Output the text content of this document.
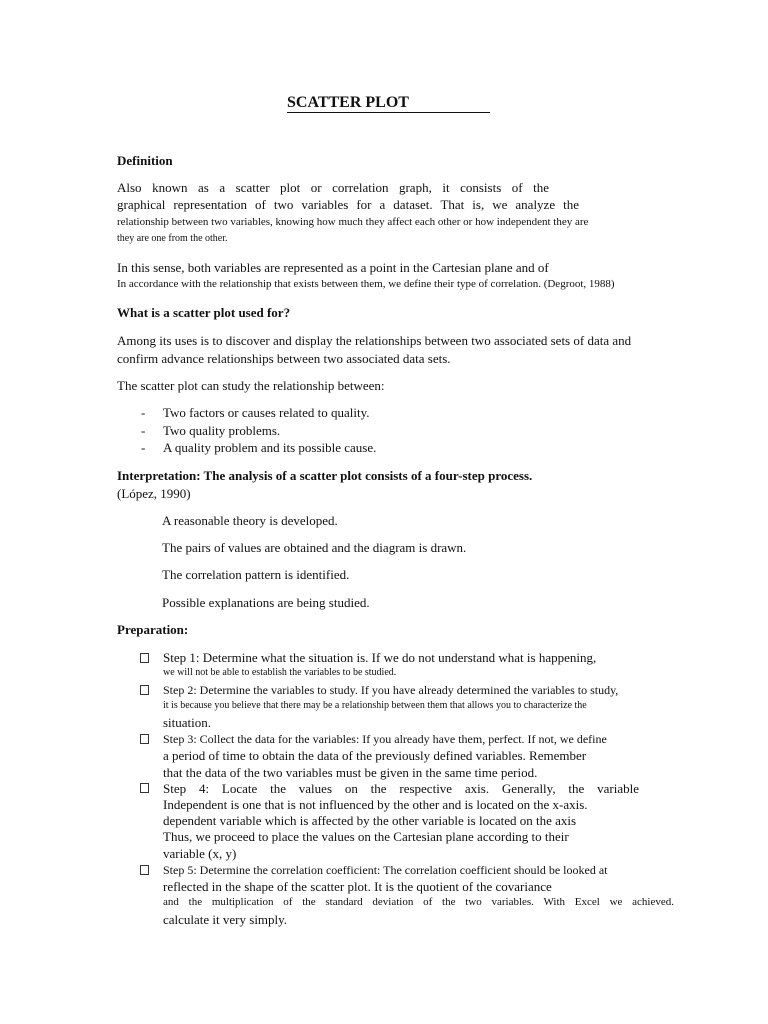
SCATTER PLOT
Definition
Also known as a scatter plot or correlation graph, it consists of the
graphical representation of two variables for a dataset. That is, we analyze the
relationship between two variables, knowing how much they affect each other or how independent they are
they are one from the other.
In this sense, both variables are represented as a point in the Cartesian plane and of
In accordance with the relationship that exists between them, we define their type of correlation. (Degroot, 1988)
What is a scatter plot used for?
Among its uses is to discover and display the relationships between two associated sets of data and
confirm advance relationships between two associated data sets.
The scatter plot can study the relationship between:
- Two factors or causes related to quality.
- Two quality problems.
- A quality problem and its possible cause.
Interpretation: The analysis of a scatter plot consists of a four-step process.
(López, 1990)
A reasonable theory is developed.
The pairs of values are obtained and the diagram is drawn.
The correlation pattern is identified.
Possible explanations are being studied.
Preparation:
Step 1: Determine what the situation is. If we do not understand what is happening,
we will not be able to establish the variables to be studied.
Step 2: Determine the variables to study. If you have already determined the variables to study,
it is because you believe that there may be a relationship between them that allows you to characterize the
situation.
Step 3: Collect the data for the variables: If you already have them, perfect. If not, we define
a period of time to obtain the data of the previously defined variables. Remember
that the data of the two variables must be given in the same time period.
Step 4: Locate the values on the respective axis. Generally, the variable
Independent is one that is not influenced by the other and is located on the x-axis.
dependent variable which is affected by the other variable is located on the axis
Thus, we proceed to place the values on the Cartesian plane according to their
variable (x, y)
Step 5: Determine the correlation coefficient: The correlation coefficient should be looked at
reflected in the shape of the scatter plot. It is the quotient of the covariance
and the multiplication of the standard deviation of the two variables. With Excel we achieved.
calculate it very simply.
